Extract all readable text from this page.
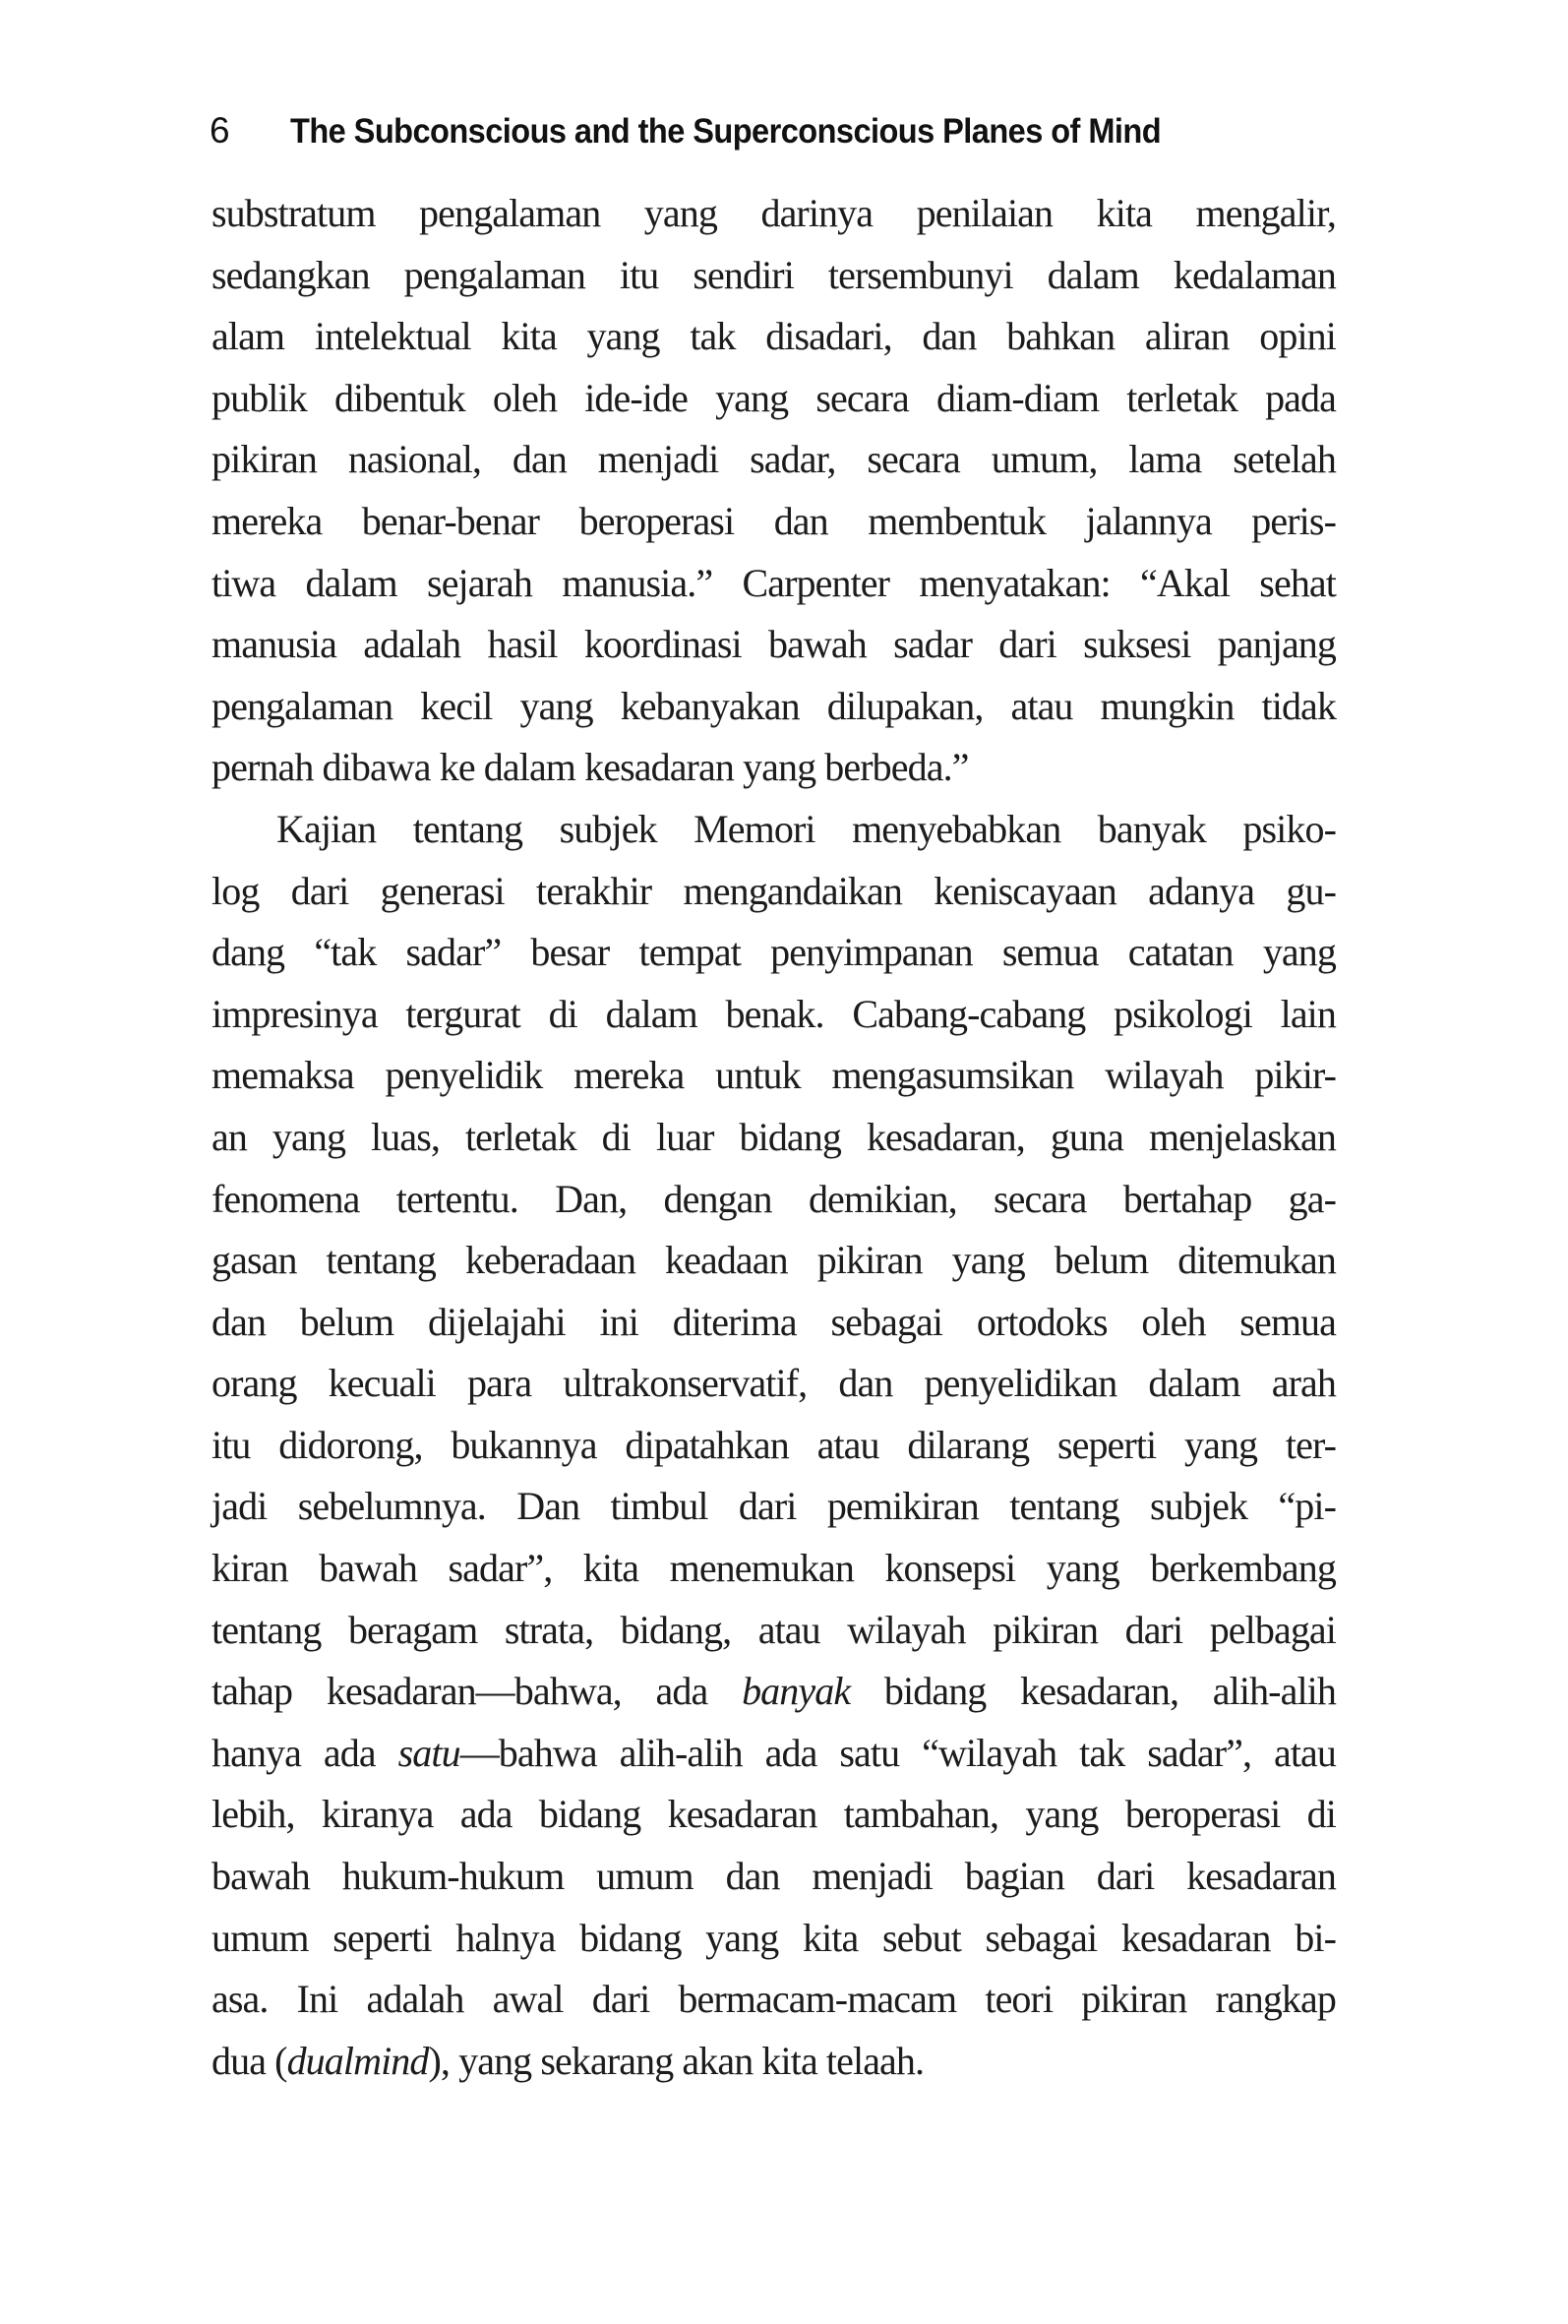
6	The Subconscious and the Superconscious Planes of Mind
substratum pengalaman yang darinya penilaian kita mengalir,
sedangkan pengalaman itu sendiri tersembunyi dalam kedalaman
alam intelektual kita yang tak disadari, dan bahkan aliran opini
publik dibentuk oleh ide-ide yang secara diam-diam terletak pada
pikiran nasional, dan menjadi sadar, secara umum, lama setelah
mereka benar-benar beroperasi dan membentuk jalannya peris-
tiwa dalam sejarah manusia.” Carpenter menyatakan: “Akal sehat
manusia adalah hasil koordinasi bawah sadar dari suksesi panjang
pengalaman kecil yang kebanyakan dilupakan, atau mungkin tidak
pernah dibawa ke dalam kesadaran yang berbeda.”
Kajian tentang subjek Memori menyebabkan banyak psiko-
log dari generasi terakhir mengandaikan keniscayaan adanya gu-
dang “tak sadar” besar tempat penyimpanan semua catatan yang
impresinya tergurat di dalam benak. Cabang-cabang psikologi lain
memaksa penyelidik mereka untuk mengasumsikan wilayah pikir-
an yang luas, terletak di luar bidang kesadaran, guna menjelaskan
fenomena tertentu. Dan, dengan demikian, secara bertahap ga-
gasan tentang keberadaan keadaan pikiran yang belum ditemukan
dan belum dijelajahi ini diterima sebagai ortodoks oleh semua
orang kecuali para ultrakonservatif, dan penyelidikan dalam arah
itu didorong, bukannya dipatahkan atau dilarang seperti yang ter-
jadi sebelumnya. Dan timbul dari pemikiran tentang subjek “pi-
kiran bawah sadar”, kita menemukan konsepsi yang berkembang
tentang beragam strata, bidang, atau wilayah pikiran dari pelbagai
tahap kesadaran—bahwa, ada banyak bidang kesadaran, alih-alih
hanya ada satu—bahwa alih-alih ada satu “wilayah tak sadar”, atau
lebih, kiranya ada bidang kesadaran tambahan, yang beroperasi di
bawah hukum-hukum umum dan menjadi bagian dari kesadaran
umum seperti halnya bidang yang kita sebut sebagai kesadaran bi-
asa. Ini adalah awal dari bermacam-macam teori pikiran rangkap
dua (dualmind), yang sekarang akan kita telaah.
